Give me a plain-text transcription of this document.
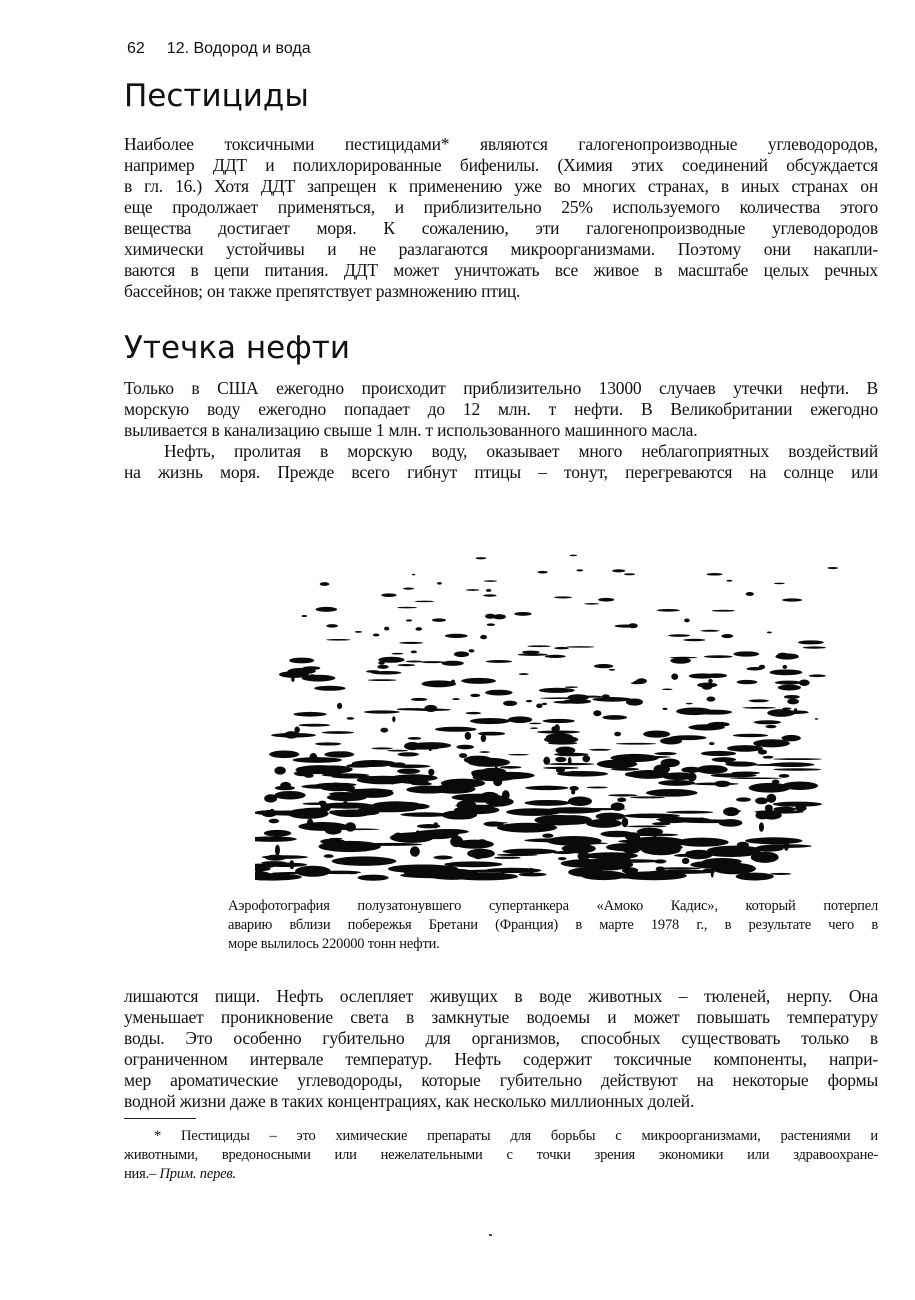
62 12. Водород и вода
Пестициды
Наиболее токсичными пестицидами* являются галогенопроизводные углеводородов,
например ДДТ и полихлорированные бифенилы. (Химия этих соединений обсуждается
в гл. 16.) Хотя ДДТ запрещен к применению уже во многих странах, в иных странах он
еще продолжает применяться, и приблизительно 25% используемого количества этого
вещества достигает моря. К сожалению, эти галогенопроизводные углеводородов
химически устойчивы и не разлагаются микроорганизмами. Поэтому они накапли-
ваются в цепи питания. ДДТ может уничтожать все живое в масштабе целых речных
бассейнов; он также препятствует размножению птиц.
Утечка нефти
Только в США ежегодно происходит приблизительно 13000 случаев утечки нефти. В
морскую воду ежегодно попадает до 12 млн. т нефти. В Великобритании ежегодно
выливается в канализацию свыше 1 млн. т использованного машинного масла.
Нефть, пролитая в морскую воду, оказывает много неблагоприятных воздействий
на жизнь моря. Прежде всего гибнут птицы – тонут, перегреваются на солнце или
Аэрофотография полузатонувшего супертанкера «Амоко Кадис», который потерпел
аварию вблизи побережья Бретани (Франция) в марте 1978 г., в результате чего в
море вылилось 220000 тонн нефти.
лишаются пищи. Нефть ослепляет живущих в воде животных – тюленей, нерпу. Она
уменьшает проникновение света в замкнутые водоемы и может повышать температуру
воды. Это особенно губительно для организмов, способных существовать только в
ограниченном интервале температур. Нефть содержит токсичные компоненты, напри-
мер ароматические углеводороды, которые губительно действуют на некоторые формы
водной жизни даже в таких концентрациях, как несколько миллионных долей.
* Пестициды – это химические препараты для борьбы с микроорганизмами, растениями и
животными, вредоносными или нежелательными с точки зрения экономики или здравоохране-
ния.– Прим. перев.
